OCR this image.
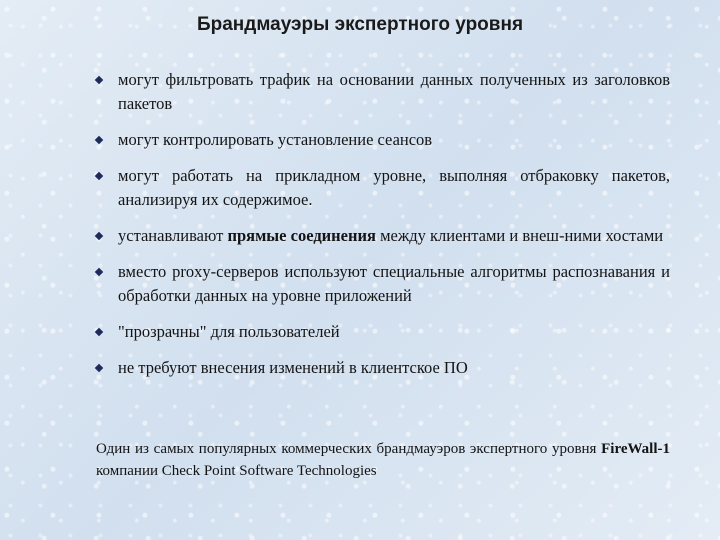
Брандмауэры экспертного уровня
могут фильтровать трафик на основании данных полученных из заголовков пакетов
могут контролировать установление сеансов
могут работать на прикладном уровне, выполняя отбраковку пакетов, анализируя их содержимое.
устанавливают прямые соединения между клиентами и внеш-ними хостами
вместо proxy-серверов используют специальные алгоритмы распознавания и обработки данных на уровне приложений
"прозрачны" для пользователей
не требуют внесения изменений в клиентское ПО

Один из самых популярных коммерческих брандмауэров экспертного уровня FireWall-1 компании Check Point Software Technologies
